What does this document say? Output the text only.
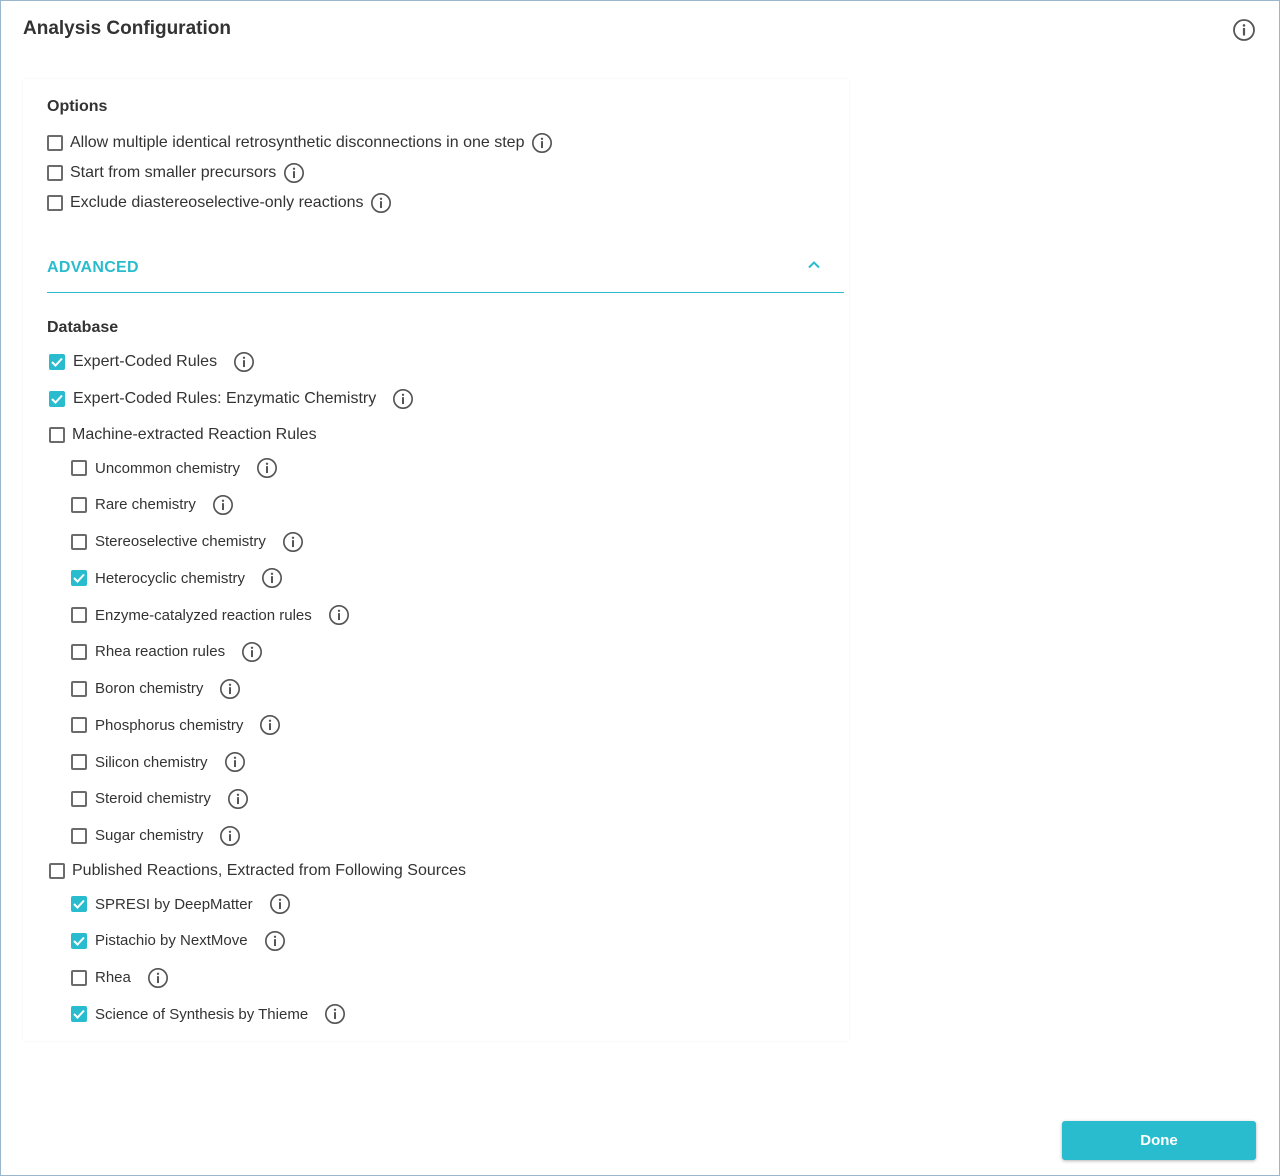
Analysis Configuration
Options
Allow multiple identical retrosynthetic disconnections in one step
Start from smaller precursors
Exclude diastereoselective-only reactions
ADVANCED
Database
Expert-Coded Rules
Expert-Coded Rules: Enzymatic Chemistry
Machine-extracted Reaction Rules
Uncommon chemistry
Rare chemistry
Stereoselective chemistry
Heterocyclic chemistry
Enzyme-catalyzed reaction rules
Rhea reaction rules
Boron chemistry
Phosphorus chemistry
Silicon chemistry
Steroid chemistry
Sugar chemistry
Published Reactions, Extracted from Following Sources
SPRESI by DeepMatter
Pistachio by NextMove
Rhea
Science of Synthesis by Thieme
Done
